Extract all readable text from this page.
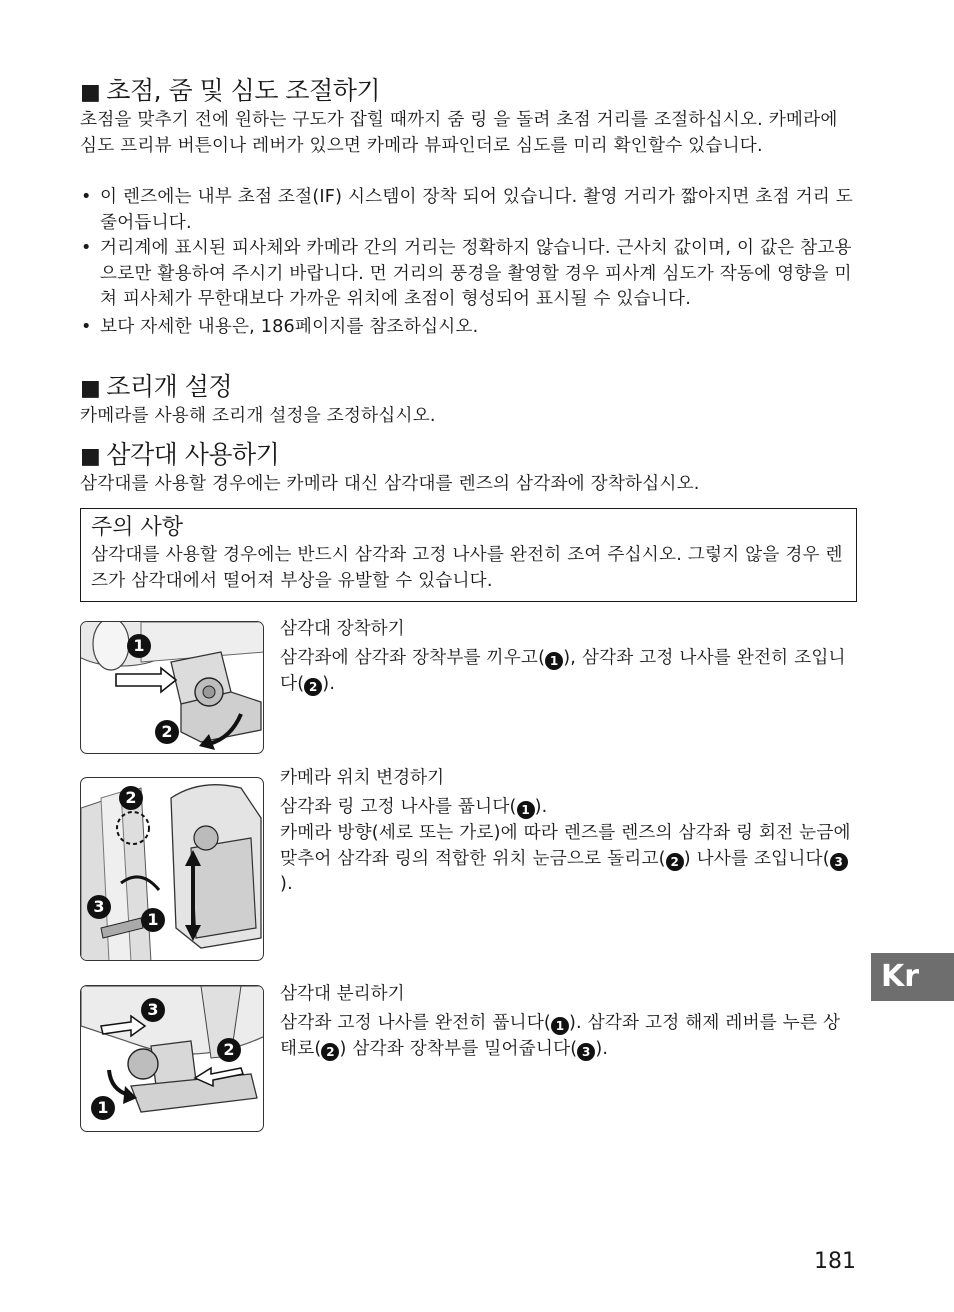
■ 초점, 줌 및 심도 조절하기

초점을 맞추기 전에 원하는 구도가 잡힐 때까지 줌 링 을 돌려 초점 거리를 조절하십시오. 카메라에 심도 프리뷰 버튼이나 레버가 있으면 카메라 뷰파인더로 심도를 미리 확인할수 있습니다.

• 이 렌즈에는 내부 초점 조절(IF) 시스템이 장착 되어 있습니다. 촬영 거리가 짧아지면 초점 거리 도 줄어듭니다.
• 거리계에 표시된 피사체와 카메라 간의 거리는 정확하지 않습니다. 근사치 값이며, 이 값은 참고용으로만 활용하여 주시기 바랍니다. 먼 거리의 풍경을 촬영할 경우 피사계 심도가 작동에 영향을 미쳐 피사체가 무한대보다 가까운 위치에 초점이 형성되어 표시될 수 있습니다.
• 보다 자세한 내용은, 186페이지를 참조하십시오.
■ 조리개 설정

카메라를 사용해 조리개 설정을 조정하십시오.

■ 삼각대 사용하기

삼각대를 사용할 경우에는 카메라 대신 삼각대를 렌즈의 삼각좌에 장착하십시오.

주의 사항
삼각대를 사용할 경우에는 반드시 삼각좌 고정 나사를 완전히 조여 주십시오. 그렇지 않을 경우 렌즈가 삼각대에서 떨어져 부상을 유발할 수 있습니다.
1
2
삼각대 장착하기

삼각좌에 삼각좌 장착부를 끼우고( 1 ), 삼각좌 고정 나사를 완전히 조입니다( 2 ).

2
3
1
카메라 위치 변경하기

삼각좌 링 고정 나사를 풉니다( 1 ).

카메라 방향(세로 또는 가로)에 따라 렌즈를 렌즈의 삼각좌 링 회전 눈금에 맞추어 삼각좌 링의 적합한 위치 눈금으로 돌리고( 2 ) 나사를 조입니다( 3).

3
2
1
삼각대 분리하기

삼각좌 고정 나사를 완전히 풉니다( 1 ). 삼각좌 고정 해제 레버를 누른 상태로( 2 ) 삼각좌 장착부를 밀어줍니다( 3 ).

Kr
181
